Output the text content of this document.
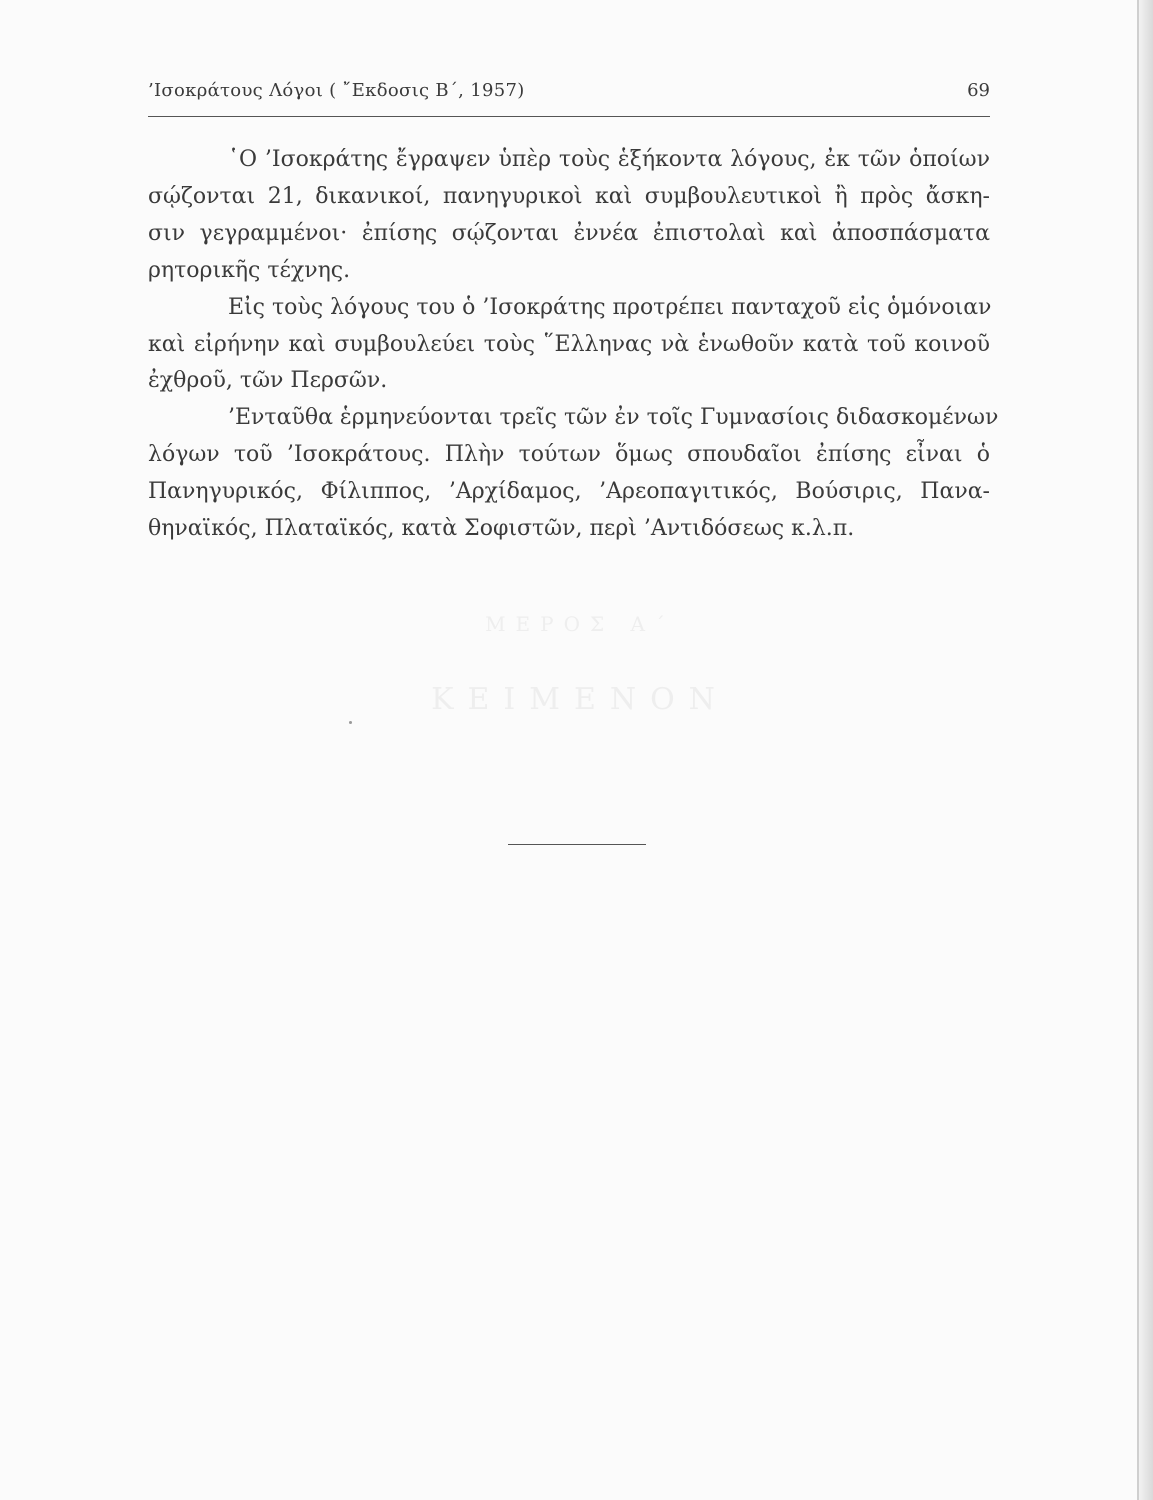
’Ισοκράτους Λόγοι ( ῎Εκδοσις Β΄, 1957)	69
῾Ο ’Ισοκράτης ἔγραψεν ὑπὲρ τοὺς ἑξήκοντα λόγους, ἐκ τῶν ὁποίων
σῴζονται 21, δικανικοί, πανηγυρικοὶ καὶ συμβουλευτικοὶ ἢ πρὸς ἄσκη-
σιν γεγραμμένοι· ἐπίσης σῴζονται ἐννέα ἐπιστολαὶ καὶ ἀποσπάσματα
ρητορικῆς τέχνης.
Εἰς τοὺς λόγους του ὁ ’Ισοκράτης προτρέπει πανταχοῦ εἰς ὁμόνοιαν
καὶ εἰρήνην καὶ συμβουλεύει τοὺς ῞Ελληνας νὰ ἑνωθοῦν κατὰ τοῦ κοινοῦ
ἐχθροῦ, τῶν Περσῶν.
’Ενταῦθα ἑρμηνεύονται τρεῖς τῶν ἐν τοῖς Γυμνασίοις διδασκομένων
λόγων τοῦ ’Ισοκράτους. Πλὴν τούτων ὅμως σπουδαῖοι ἐπίσης εἶναι ὁ
Πανηγυρικός, Φίλιππος, ’Αρχίδαμος, ’Αρεοπαγιτικός, Βούσιρις, Πανα-
θηναϊκός, Πλαταϊκός, κατὰ Σοφιστῶν, περὶ ’Αντιδόσεως κ.λ.π.
ΜΕΡΟΣ Α΄
ΚΕΙΜΕΝΟΝ
